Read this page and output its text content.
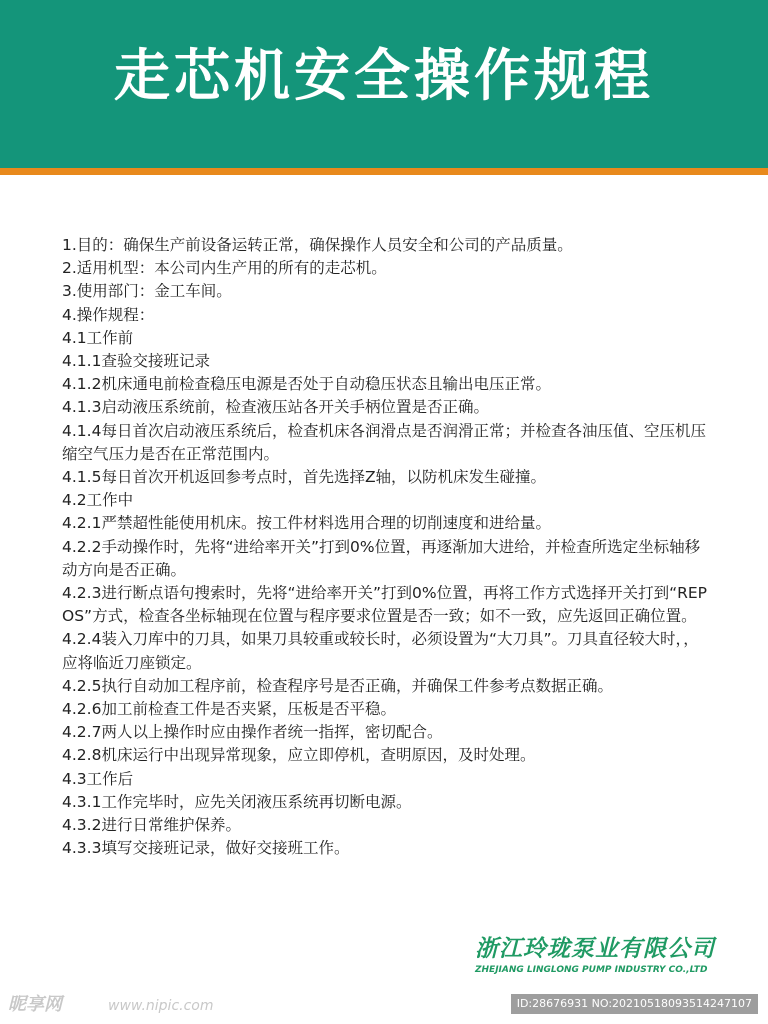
走芯机安全操作规程
1.目的：确保生产前设备运转正常，确保操作人员安全和公司的产品质量。
2.适用机型：本公司内生产用的所有的走芯机。
3.使用部门：金工车间。
4.操作规程：
4.1工作前
4.1.1查验交接班记录
4.1.2机床通电前检查稳压电源是否处于自动稳压状态且输出电压正常。
4.1.3启动液压系统前，检查液压站各开关手柄位置是否正确。
4.1.4每日首次启动液压系统后，检查机床各润滑点是否润滑正常；并检查各油压值、空压机压缩空气压力是否在正常范围内。
4.1.5每日首次开机返回参考点时，首先选择Z轴，以防机床发生碰撞。
4.2工作中
4.2.1严禁超性能使用机床。按工件材料选用合理的切削速度和进给量。
4.2.2手动操作时，先将“进给率开关”打到0%位置，再逐渐加大进给，并检查所选定坐标轴移动方向是否正确。
4.2.3进行断点语句搜索时，先将“进给率开关”打到0%位置，再将工作方式选择开关打到“REPOS”方式，检查各坐标轴现在位置与程序要求位置是否一致；如不一致，应先返回正确位置。
4.2.4装入刀库中的刀具，如果刀具较重或较长时，必须设置为“大刀具”。刀具直径较大时，，应将临近刀座锁定。
4.2.5执行自动加工程序前，检查程序号是否正确，并确保工件参考点数据正确。
4.2.6加工前检查工件是否夹紧，压板是否平稳。
4.2.7两人以上操作时应由操作者统一指挥，密切配合。
4.2.8机床运行中出现异常现象，应立即停机，查明原因，及时处理。
4.3工作后
4.3.1工作完毕时，应先关闭液压系统再切断电源。
4.3.2进行日常维护保养。
4.3.3填写交接班记录，做好交接班工作。
浙江玲珑泵业有限公司
ZHEJIANG LINGLONG PUMP INDUSTRY CO.,LTD
昵享网	www.nipic.com	ID:28676931 NO:20210518093514247107
